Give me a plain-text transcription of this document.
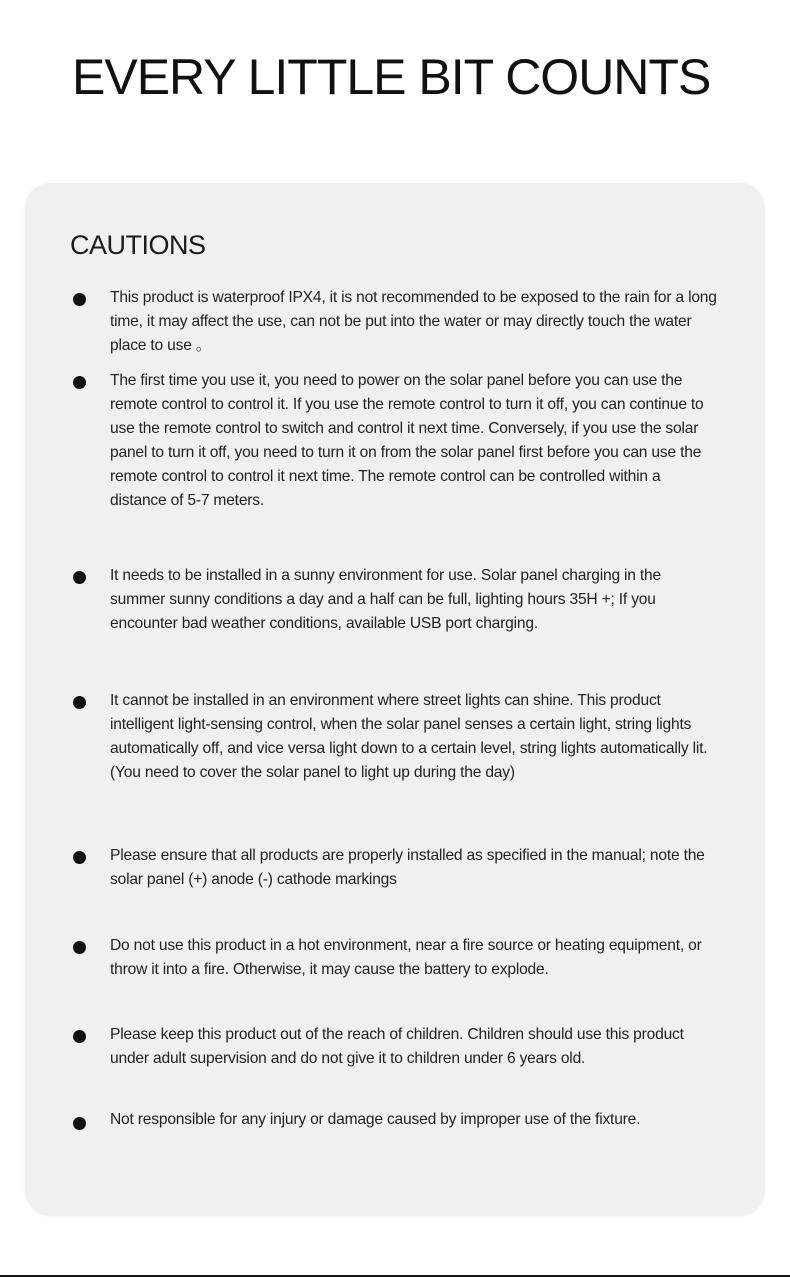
EVERY LITTLE BIT COUNTS
CAUTIONS

This product is waterproof IPX4, it is not recommended to be exposed to the rain for a long time, it may affect the use, can not be put into the water or may directly touch the water place to use 。

The first time you use it, you need to power on the solar panel before you can use the remote control to control it. If you use the remote control to turn it off, you can continue to use the remote control to switch and control it next time. Conversely, if you use the solar panel to turn it off, you need to turn it on from the solar panel first before you can use the remote control to control it next time. The remote control can be controlled within a distance of 5-7 meters.

It needs to be installed in a sunny environment for use. Solar panel charging in the summer sunny conditions a day and a half can be full, lighting hours 35H +; If you encounter bad weather conditions, available USB port charging.

It cannot be installed in an environment where street lights can shine. This product intelligent light-sensing control, when the solar panel senses a certain light, string lights automatically off, and vice versa light down to a certain level, string lights automatically lit. (You need to cover the solar panel to light up during the day)

Please ensure that all products are properly installed as specified in the manual; note the solar panel (+) anode (-) cathode markings

Do not use this product in a hot environment, near a fire source or heating equipment, or throw it into a fire. Otherwise, it may cause the battery to explode.

Please keep this product out of the reach of children. Children should use this product under adult supervision and do not give it to children under 6 years old.

Not responsible for any injury or damage caused by improper use of the fixture.
